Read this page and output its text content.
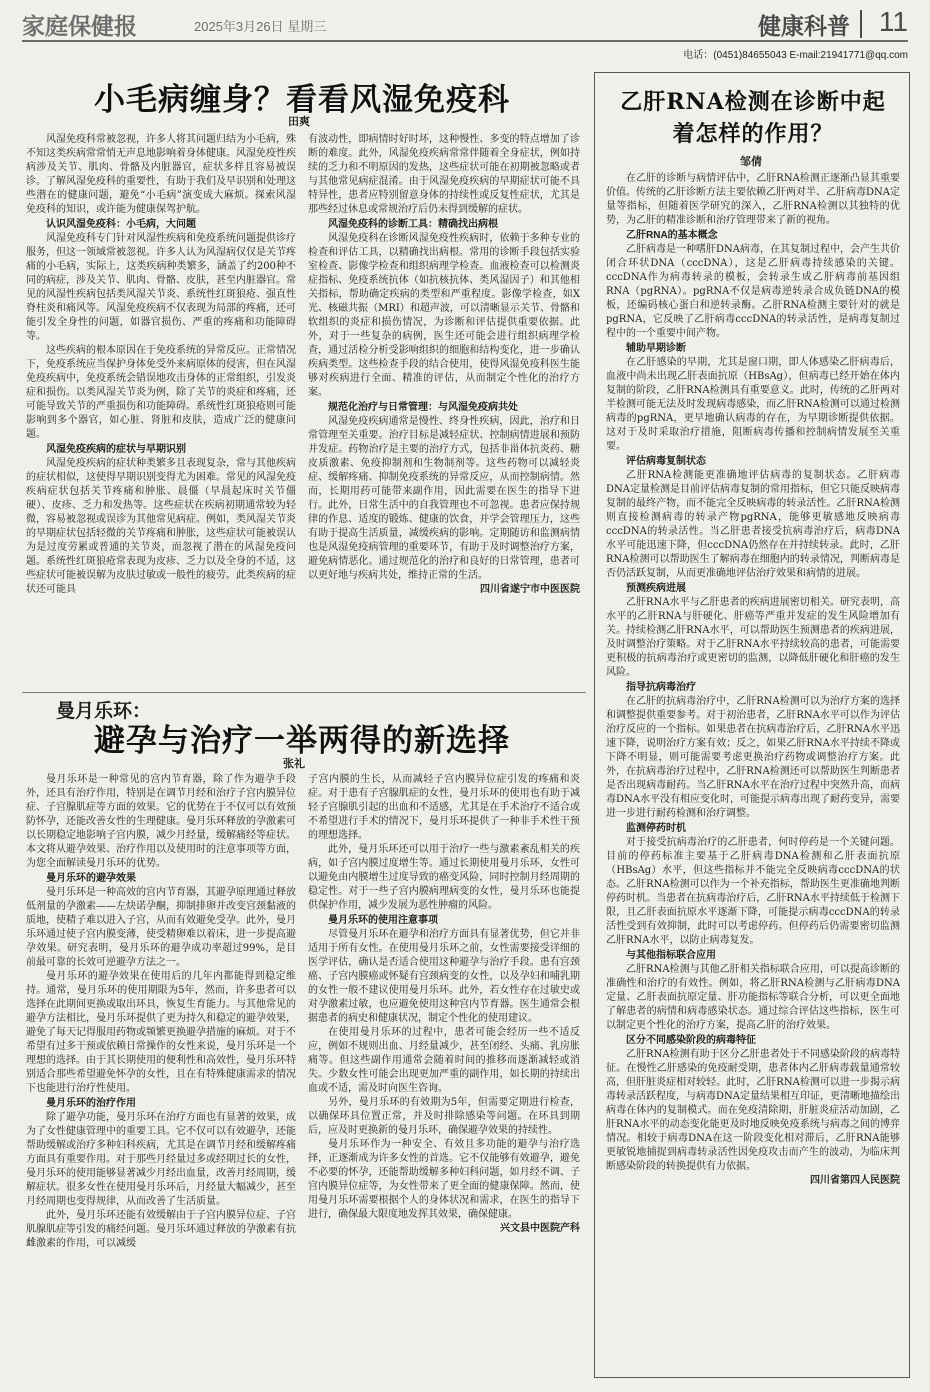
家庭保健报	2025年3月26日 星期三	健康科普 11
电话：(0451)84655043 E-mail:21941771@qq.com
小毛病缠身？看看风湿免疫科
田爽

风湿免疫科常被忽视，许多人将其问题归结为小毛病，殊不知这类疾病常常悄无声息地影响着身体健康。风湿免疫性疾病涉及关节、肌肉、骨骼及内脏器官，症状多样且容易被误诊。了解风湿免疫科的重要性，有助于我们及早识别和处理这些潜在的健康问题，避免“小毛病”演变成大麻烦。探索风湿免疫科的知识，或许能为健康保驾护航。

认识风湿免疫科：小毛病，大问题

风湿免疫科专门针对风湿性疾病和免疫系统问题提供诊疗服务，但这一领域常被忽视。许多人认为风湿病仅仅是关节疼痛的小毛病，实际上，这类疾病种类繁多，涵盖了约200种不同的病症，涉及关节、肌肉、骨骼、皮肤，甚至内脏器官。常见的风湿性疾病包括类风湿关节炎、系统性红斑狼疮、强直性脊柱炎和痛风等。风湿免疫疾病不仅表现为局部的疼痛，还可能引发全身性的问题，如器官损伤、严重的疼痛和功能障碍等。

这些疾病的根本原因在于免疫系统的异常反应。正常情况下，免疫系统应当保护身体免受外来病原体的侵害，但在风湿免疫疾病中，免疫系统会错误地攻击身体的正常组织，引发炎症和损伤。以类风湿关节炎为例，除了关节的炎症和疼痛，还可能导致关节的严重损伤和功能障碍。系统性红斑狼疮则可能影响到多个器官，如心脏、肾脏和皮肤，造成广泛的健康问题。

风湿免疫疾病的症状与早期识别

风湿免疫疾病的症状种类繁多且表现复杂，常与其他疾病的症状相似，这使得早期识别变得尤为困难。常见的风湿免疫疾病症状包括关节疼痛和肿胀、晨僵（早晨起床时关节僵硬）、皮疹、乏力和发热等。这些症状在疾病初期通常较为轻微，容易被忽视或误诊为其他常见病症。例如，类风湿关节炎的早期症状包括轻微的关节疼痛和肿胀，这些症状可能被误认为是过度劳累或普通的关节炎，而忽视了潜在的风湿免疫问题。系统性红斑狼疮常表现为皮疹、乏力以及全身的不适，这些症状可能被误解为皮肤过敏或一般性的疲劳。此类疾病的症状还可能具

有波动性，即病情时好时坏，这种慢性、多变的特点增加了诊断的难度。此外，风湿免疫疾病常常伴随着全身症状，例如持续的乏力和不明原因的发热，这些症状可能在初期被忽略或者与其他常见病症混淆。由于风湿免疫疾病的早期症状可能不具特异性，患者应特别留意身体的持续性或反复性症状，尤其是那些经过休息或常规治疗后仍未得到缓解的症状。

风湿免疫科的诊断工具：精确找出病根

风湿免疫科在诊断风湿免疫性疾病时，依赖于多种专业的检查和评估工具，以精确找出病根。常用的诊断手段包括实验室检查、影像学检查和组织病理学检查。血液检查可以检测炎症指标、免疫系统抗体（如抗核抗体、类风湿因子）和其他相关指标，帮助确定疾病的类型和严重程度。影像学检查，如X光、核磁共振（MRI）和超声波，可以清晰显示关节、骨骼和软组织的炎症和损伤情况，为诊断和评估提供重要依据。此外，对于一些复杂的病例，医生还可能会进行组织病理学检查，通过活检分析受影响组织的细胞和结构变化，进一步确认疾病类型。这些检查手段的结合使用，使得风湿免疫科医生能够对疾病进行全面、精准的评估，从而制定个性化的治疗方案。

规范化治疗与日常管理：与风湿免疫病共处

风湿免疫疾病通常是慢性、终身性疾病，因此，治疗和日常管理至关重要。治疗目标是减轻症状、控制病情进展和预防并发症。药物治疗是主要的治疗方式，包括非甾体抗炎药、糖皮质激素、免疫抑制剂和生物制剂等。这些药物可以减轻炎症、缓解疼痛、抑制免疫系统的异常反应，从而控制病情。然而，长期用药可能带来副作用，因此需要在医生的指导下进行。此外，日常生活中的自我管理也不可忽视。患者应保持规律的作息、适度的锻炼、健康的饮食，并学会管理压力，这些有助于提高生活质量，减缓疾病的影响。定期随访和监测病情也是风湿免疫病管理的重要环节，有助于及时调整治疗方案，避免病情恶化。通过规范化的治疗和良好的日常管理，患者可以更好地与疾病共处，维持正常的生活。

四川省遂宁市中医医院
曼月乐环：
避孕与治疗一举两得的新选择
张礼

曼月乐环是一种常见的宫内节育器，除了作为避孕手段外，还具有治疗作用，特别是在调节月经和治疗子宫内膜异位症、子宫腺肌症等方面的效果。它的优势在于不仅可以有效预防怀孕，还能改善女性的生理健康。曼月乐环释放的孕激素可以长期稳定地影响子宫内膜，减少月经量，缓解痛经等症状。本文将从避孕效果、治疗作用以及使用时的注意事项等方面，为您全面解读曼月乐环的优势。

曼月乐环的避孕效果

曼月乐环是一种高效的宫内节育器，其避孕原理通过释放低剂量的孕激素——左炔诺孕酮，抑制排卵并改变宫颈黏液的质地，使精子难以进入子宫，从而有效避免受孕。此外，曼月乐环通过使子宫内膜变薄，使受精卵难以着床，进一步提高避孕效果。研究表明，曼月乐环的避孕成功率超过99%，是目前最可靠的长效可逆避孕方法之一。

曼月乐环的避孕效果在使用后的几年内都能得到稳定维持。通常，曼月乐环的使用期限为5年，然而，许多患者可以选择在此期间更换或取出环具，恢复生育能力。与其他常见的避孕方法相比，曼月乐环提供了更为持久和稳定的避孕效果，避免了每天记得服用药物或频繁更换避孕措施的麻烦。对于不希望有过多干预或依赖日常操作的女性来说，曼月乐环是一个理想的选择。由于其长期使用的便利性和高效性，曼月乐环特别适合那些希望避免怀孕的女性，且在有特殊健康需求的情况下也能进行治疗性使用。

曼月乐环的治疗作用

除了避孕功能，曼月乐环在治疗方面也有显著的效果，成为了女性健康管理中的重要工具。它不仅可以有效避孕，还能帮助缓解或治疗多种妇科疾病，尤其是在调节月经和缓解疼痛方面具有重要作用。对于那些月经量过多或经期过长的女性，曼月乐环的使用能够显著减少月经出血量，改善月经周期，缓解症状。很多女性在使用曼月乐环后，月经量大幅减少，甚至月经周期也变得规律，从而改善了生活质量。

此外，曼月乐环还能有效缓解由于子宫内膜异位症、子宫肌腺肌症等引发的痛经问题。曼月乐环通过释放的孕激素有抗雌激素的作用，可以减缓

子宫内膜的生长，从而减轻子宫内膜异位症引发的疼痛和炎症。对于患有子宫腺肌症的女性，曼月乐环的使用也有助于减轻子宫腺肌引起的出血和不适感，尤其是在手术治疗不适合或不希望进行手术的情况下，曼月乐环提供了一种非手术性干预的理想选择。

此外，曼月乐环还可以用于治疗一些与激素紊乱相关的疾病，如子宫内膜过度增生等。通过长期使用曼月乐环，女性可以避免由内膜增生过度导致的癌变风险，同时控制月经周期的稳定性。对于一些子宫内膜病理病变的女性，曼月乐环也能提供保护作用，减少发展为恶性肿瘤的风险。

曼月乐环的使用注意事项

尽管曼月乐环在避孕和治疗方面具有显著优势，但它并非适用于所有女性。在使用曼月乐环之前，女性需要接受详细的医学评估，确认是否适合使用这种避孕与治疗手段。患有宫颈癌、子宫内膜癌或怀疑有宫颈病变的女性，以及孕妇和哺乳期的女性一般不建议使用曼月乐环。此外，若女性存在过敏史或对孕激素过敏，也应避免使用这种宫内节育器。医生通常会根据患者的病史和健康状况，制定个性化的使用建议。

在使用曼月乐环的过程中，患者可能会经历一些不适反应，例如不规则出血、月经量减少，甚至闭经、头痛、乳房胀痛等。但这些副作用通常会随着时间的推移而逐渐减轻或消失。少数女性可能会出现更加严重的副作用，如长期的持续出血或不适，需及时向医生咨询。

另外，曼月乐环的有效期为5年，但需要定期进行检查，以确保环具位置正常，并及时排除感染等问题。在环具到期后，应及时更换新的曼月乐环，确保避孕效果的持续性。

曼月乐环作为一种安全、有效且多功能的避孕与治疗选择，正逐渐成为许多女性的首选。它不仅能够有效避孕，避免不必要的怀孕，还能帮助缓解多种妇科问题，如月经不调、子宫内膜异位症等，为女性带来了更全面的健康保障。然而，使用曼月乐环需要根据个人的身体状况和需求，在医生的指导下进行，确保最大限度地发挥其效果，确保健康。

兴文县中医院产科
乙肝RNA检测在诊断中起着怎样的作用？
邹倩

在乙肝的诊断与病情评估中，乙肝RNA检测正逐渐凸显其重要价值。传统的乙肝诊断方法主要依赖乙肝两对半、乙肝病毒DNA定量等指标，但随着医学研究的深入，乙肝RNA检测以其独特的优势，为乙肝的精准诊断和治疗管理带来了新的视角。

乙肝RNA的基本概念

乙肝病毒是一种嗜肝DNA病毒，在其复制过程中，会产生共价闭合环状DNA（cccDNA），这是乙肝病毒持续感染的关键。cccDNA作为病毒转录的模板，会转录生成乙肝病毒前基因组RNA（pgRNA）。pgRNA不仅是病毒逆转录合成负链DNA的模板，还编码核心蛋白和逆转录酶。乙肝RNA检测主要针对的就是pgRNA，它反映了乙肝病毒cccDNA的转录活性，是病毒复制过程中的一个重要中间产物。

辅助早期诊断

在乙肝感染的早期，尤其是窗口期，即人体感染乙肝病毒后，血液中尚未出现乙肝表面抗原（HBsAg），但病毒已经开始在体内复制的阶段，乙肝RNA检测具有重要意义。此时，传统的乙肝两对半检测可能无法及时发现病毒感染，而乙肝RNA检测可以通过检测病毒的pgRNA，更早地确认病毒的存在，为早期诊断提供依据。这对于及时采取治疗措施，阻断病毒传播和控制病情发展至关重要。

评估病毒复制状态

乙肝RNA检测能更准确地评估病毒的复制状态。乙肝病毒DNA定量检测是目前评估病毒复制的常用指标，但它只能反映病毒复制的最终产物，而不能完全反映病毒的转录活性。乙肝RNA检测则直接检测病毒的转录产物pgRNA，能够更敏感地反映病毒cccDNA的转录活性。当乙肝患者接受抗病毒治疗后，病毒DNA水平可能迅速下降，但cccDNA仍然存在并持续转录。此时，乙肝RNA检测可以帮助医生了解病毒在细胞内的转录情况，判断病毒是否仍活跃复制，从而更准确地评估治疗效果和病情的进展。

预测疾病进展

乙肝RNA水平与乙肝患者的疾病进展密切相关。研究表明，高水平的乙肝RNA与肝硬化、肝癌等严重并发症的发生风险增加有关。持续检测乙肝RNA水平，可以帮助医生预测患者的疾病进展，及时调整治疗策略。对于乙肝RNA水平持续较高的患者，可能需要更积极的抗病毒治疗或更密切的监测，以降低肝硬化和肝癌的发生风险。

指导抗病毒治疗

在乙肝的抗病毒治疗中，乙肝RNA检测可以为治疗方案的选择和调整提供重要参考。对于初治患者，乙肝RNA水平可以作为评估治疗反应的一个指标。如果患者在抗病毒治疗后，乙肝RNA水平迅速下降，说明治疗方案有效；反之，如果乙肝RNA水平持续不降或下降不明显，则可能需要考虑更换治疗药物或调整治疗方案。此外，在抗病毒治疗过程中，乙肝RNA检测还可以帮助医生判断患者是否出现病毒耐药。当乙肝RNA水平在治疗过程中突然升高，而病毒DNA水平没有相应变化时，可能提示病毒出现了耐药变异，需要进一步进行耐药检测和治疗调整。

监测停药时机

对于接受抗病毒治疗的乙肝患者，何时停药是一个关键问题。目前的停药标准主要基于乙肝病毒DNA检测和乙肝表面抗原（HBsAg）水平，但这些指标并不能完全反映病毒cccDNA的状态。乙肝RNA检测可以作为一个补充指标，帮助医生更准确地判断停药时机。当患者在抗病毒治疗后，乙肝RNA水平持续低于检测下限，且乙肝表面抗原水平逐渐下降，可能提示病毒cccDNA的转录活性受到有效抑制，此时可以考虑停药。但停药后仍需要密切监测乙肝RNA水平，以防止病毒复发。

与其他指标联合应用

乙肝RNA检测与其他乙肝相关指标联合应用，可以提高诊断的准确性和治疗的有效性。例如，将乙肝RNA检测与乙肝病毒DNA定量、乙肝表面抗原定量、肝功能指标等联合分析，可以更全面地了解患者的病情和病毒感染状态。通过综合评估这些指标，医生可以制定更个性化的治疗方案，提高乙肝的治疗效果。

区分不同感染阶段的病毒特征

乙肝RNA检测有助于区分乙肝患者处于不同感染阶段的病毒特征。在慢性乙肝感染的免疫耐受期，患者体内乙肝病毒载量通常较高，但肝脏炎症相对较轻。此时，乙肝RNA检测可以进一步揭示病毒转录活跃程度，与病毒DNA定量结果相互印证，更清晰地描绘出病毒在体内的复制模式。而在免疫清除期，肝脏炎症活动加剧，乙肝RNA水平的动态变化能更及时地反映免疫系统与病毒之间的博弈情况。相较于病毒DNA在这一阶段变化相对滞后，乙肝RNA能够更敏锐地捕捉到病毒转录活性因免疫攻击而产生的波动，为临床判断感染阶段的转换提供有力依据。

四川省第四人民医院
